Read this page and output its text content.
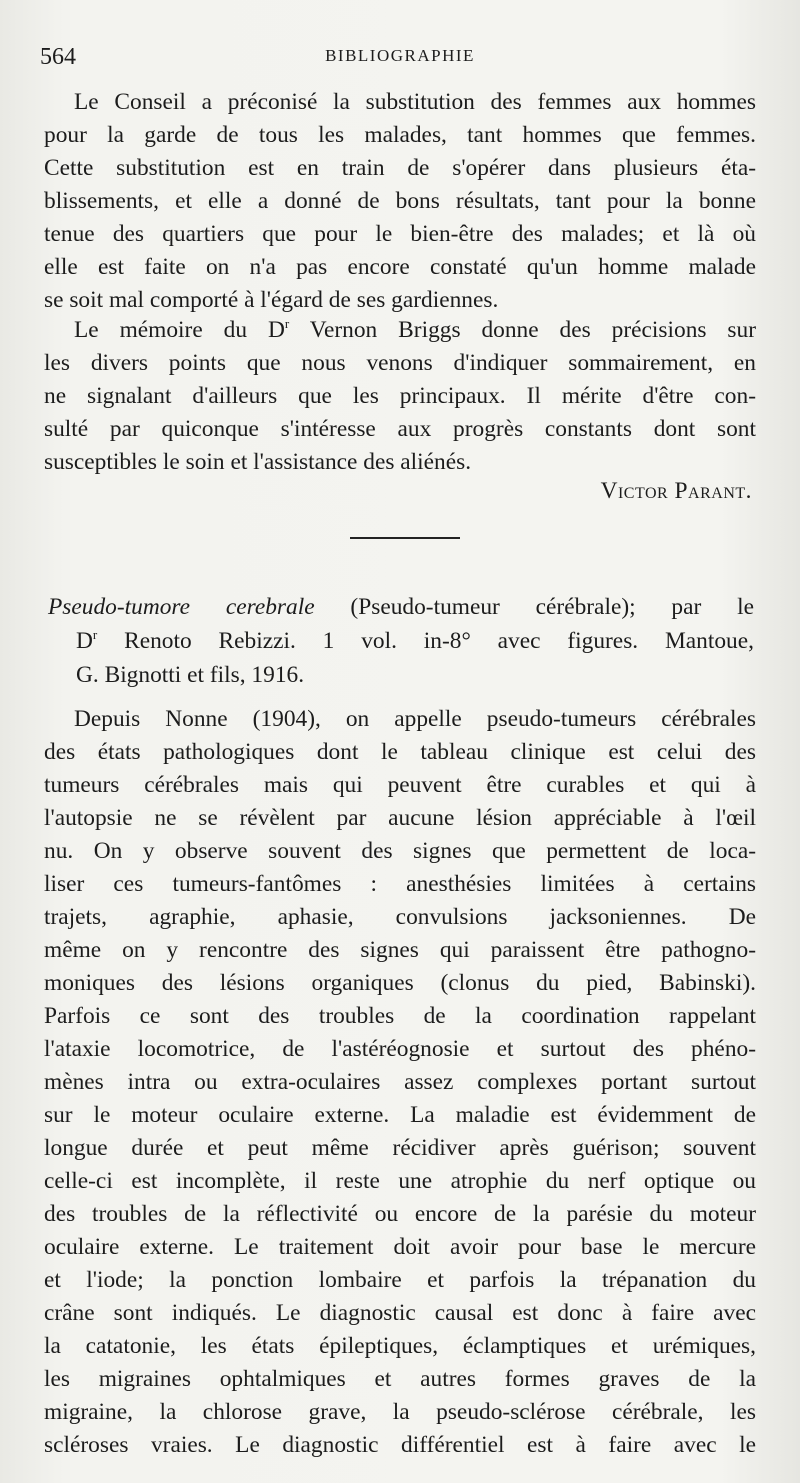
564	BIBLIOGRAPHIE
Le Conseil a préconisé la substitution des femmes aux hommes
pour la garde de tous les malades, tant hommes que femmes.
Cette substitution est en train de s'opérer dans plusieurs éta-
blissements, et elle a donné de bons résultats, tant pour la bonne
tenue des quartiers que pour le bien-être des malades; et là où
elle est faite on n'a pas encore constaté qu'un homme malade
se soit mal comporté à l'égard de ses gardiennes.
Le mémoire du $D^r$ Vernon Briggs donne des précisions sur
les divers points que nous venons d'indiquer sommairement, en
ne signalant d'ailleurs que les principaux. Il mérite d'être con-
sulté par quiconque s'intéresse aux progrès constants dont sont
susceptibles le soin et l'assistance des aliénés.
Victor Parant.
Pseudo-tumore cerebrale (Pseudo-tumeur cérébrale); par le
$D^r$ Renoto Rebizzi. 1 vol. in-8° avec figures. Mantoue,
G. Bignotti et fils, 1916.
Depuis Nonne (1904), on appelle pseudo-tumeurs cérébrales
des états pathologiques dont le tableau clinique est celui des
tumeurs cérébrales mais qui peuvent être curables et qui à
l'autopsie ne se révèlent par aucune lésion appréciable à l'œil
nu. On y observe souvent des signes que permettent de loca-
liser ces tumeurs-fantômes : anesthésies limitées à certains
trajets, agraphie, aphasie, convulsions jacksoniennes. De
même on y rencontre des signes qui paraissent être pathogno-
moniques des lésions organiques (clonus du pied, Babinski).
Parfois ce sont des troubles de la coordination rappelant
l'ataxie locomotrice, de l'astéréognosie et surtout des phéno-
mènes intra ou extra-oculaires assez complexes portant surtout
sur le moteur oculaire externe. La maladie est évidemment de
longue durée et peut même récidiver après guérison; souvent
celle-ci est incomplète, il reste une atrophie du nerf optique ou
des troubles de la réflectivité ou encore de la parésie du moteur
oculaire externe. Le traitement doit avoir pour base le mercure
et l'iode; la ponction lombaire et parfois la trépanation du
crâne sont indiqués. Le diagnostic causal est donc à faire avec
la catatonie, les états épileptiques, éclamptiques et urémiques,
les migraines ophtalmiques et autres formes graves de la
migraine, la chlorose grave, la pseudo-sclérose cérébrale, les
scléroses vraies. Le diagnostic différentiel est à faire avec le
